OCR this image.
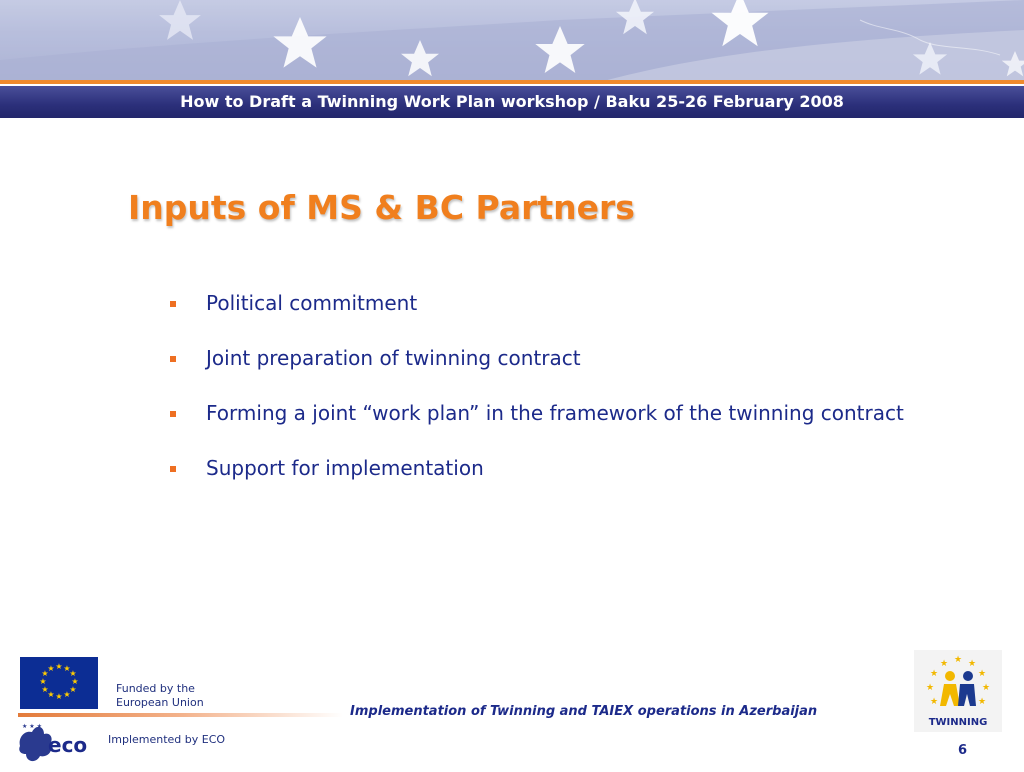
How to Draft a Twinning Work Plan workshop / Baku 25-26 February 2008
Inputs of MS & BC Partners
Political commitment
Joint preparation of twinning contract
Forming a joint “work plan” in the framework of the twinning contract
Support for implementation
★ ★
★
★
★
★
★
★
★
★
★
★
Funded by the European Union
Implementation of Twinning and TAIEX operations in Azerbaijan
★ ★ ★
eco Implemented by ECO
★ ★
★
★
★
★
★
★
★
TWINNING
6
